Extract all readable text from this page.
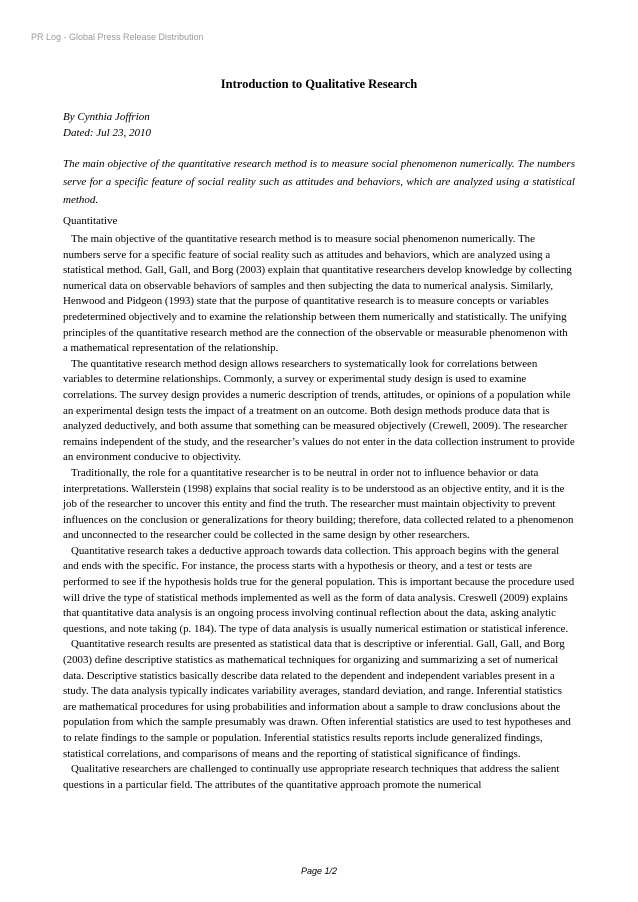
PR Log - Global Press Release Distribution
Introduction to Qualitative Research
By Cynthia Joffrion
Dated: Jul 23, 2010
The main objective of the quantitative research method is to measure social phenomenon numerically. The numbers serve for a specific feature of social reality such as attitudes and behaviors, which are analyzed using a statistical method.
Quantitative

The main objective of the quantitative research method is to measure social phenomenon numerically. The numbers serve for a specific feature of social reality such as attitudes and behaviors, which are analyzed using a statistical method. Gall, Gall, and Borg (2003) explain that quantitative researchers develop knowledge by collecting numerical data on observable behaviors of samples and then subjecting the data to numerical analysis. Similarly, Henwood and Pidgeon (1993) state that the purpose of quantitative research is to measure concepts or variables predetermined objectively and to examine the relationship between them numerically and statistically. The unifying principles of the quantitative research method are the connection of the observable or measurable phenomenon with a mathematical representation of the relationship.

The quantitative research method design allows researchers to systematically look for correlations between variables to determine relationships. Commonly, a survey or experimental study design is used to examine correlations. The survey design provides a numeric description of trends, attitudes, or opinions of a population while an experimental design tests the impact of a treatment on an outcome. Both design methods produce data that is analyzed deductively, and both assume that something can be measured objectively (Crewell, 2009). The researcher remains independent of the study, and the researcher’s values do not enter in the data collection instrument to provide an environment conducive to objectivity.

Traditionally, the role for a quantitative researcher is to be neutral in order not to influence behavior or data interpretations. Wallerstein (1998) explains that social reality is to be understood as an objective entity, and it is the job of the researcher to uncover this entity and find the truth. The researcher must maintain objectivity to prevent influences on the conclusion or generalizations for theory building; therefore, data collected related to a phenomenon and unconnected to the researcher could be collected in the same design by other researchers.

Quantitative research takes a deductive approach towards data collection. This approach begins with the general and ends with the specific. For instance, the process starts with a hypothesis or theory, and a test or tests are performed to see if the hypothesis holds true for the general population. This is important because the procedure used will drive the type of statistical methods implemented as well as the form of data analysis. Creswell (2009) explains that quantitative data analysis is an ongoing process involving continual reflection about the data, asking analytic questions, and note taking (p. 184). The type of data analysis is usually numerical estimation or statistical inference.

Quantitative research results are presented as statistical data that is descriptive or inferential. Gall, Gall, and Borg (2003) define descriptive statistics as mathematical techniques for organizing and summarizing a set of numerical data. Descriptive statistics basically describe data related to the dependent and independent variables present in a study. The data analysis typically indicates variability averages, standard deviation, and range. Inferential statistics are mathematical procedures for using probabilities and information about a sample to draw conclusions about the population from which the sample presumably was drawn. Often inferential statistics are used to test hypotheses and to relate findings to the sample or population. Inferential statistics results reports include generalized findings, statistical correlations, and comparisons of means and the reporting of statistical significance of findings.

Qualitative researchers are challenged to continually use appropriate research techniques that address the salient questions in a particular field. The attributes of the quantitative approach promote the numerical

Page 1/2
